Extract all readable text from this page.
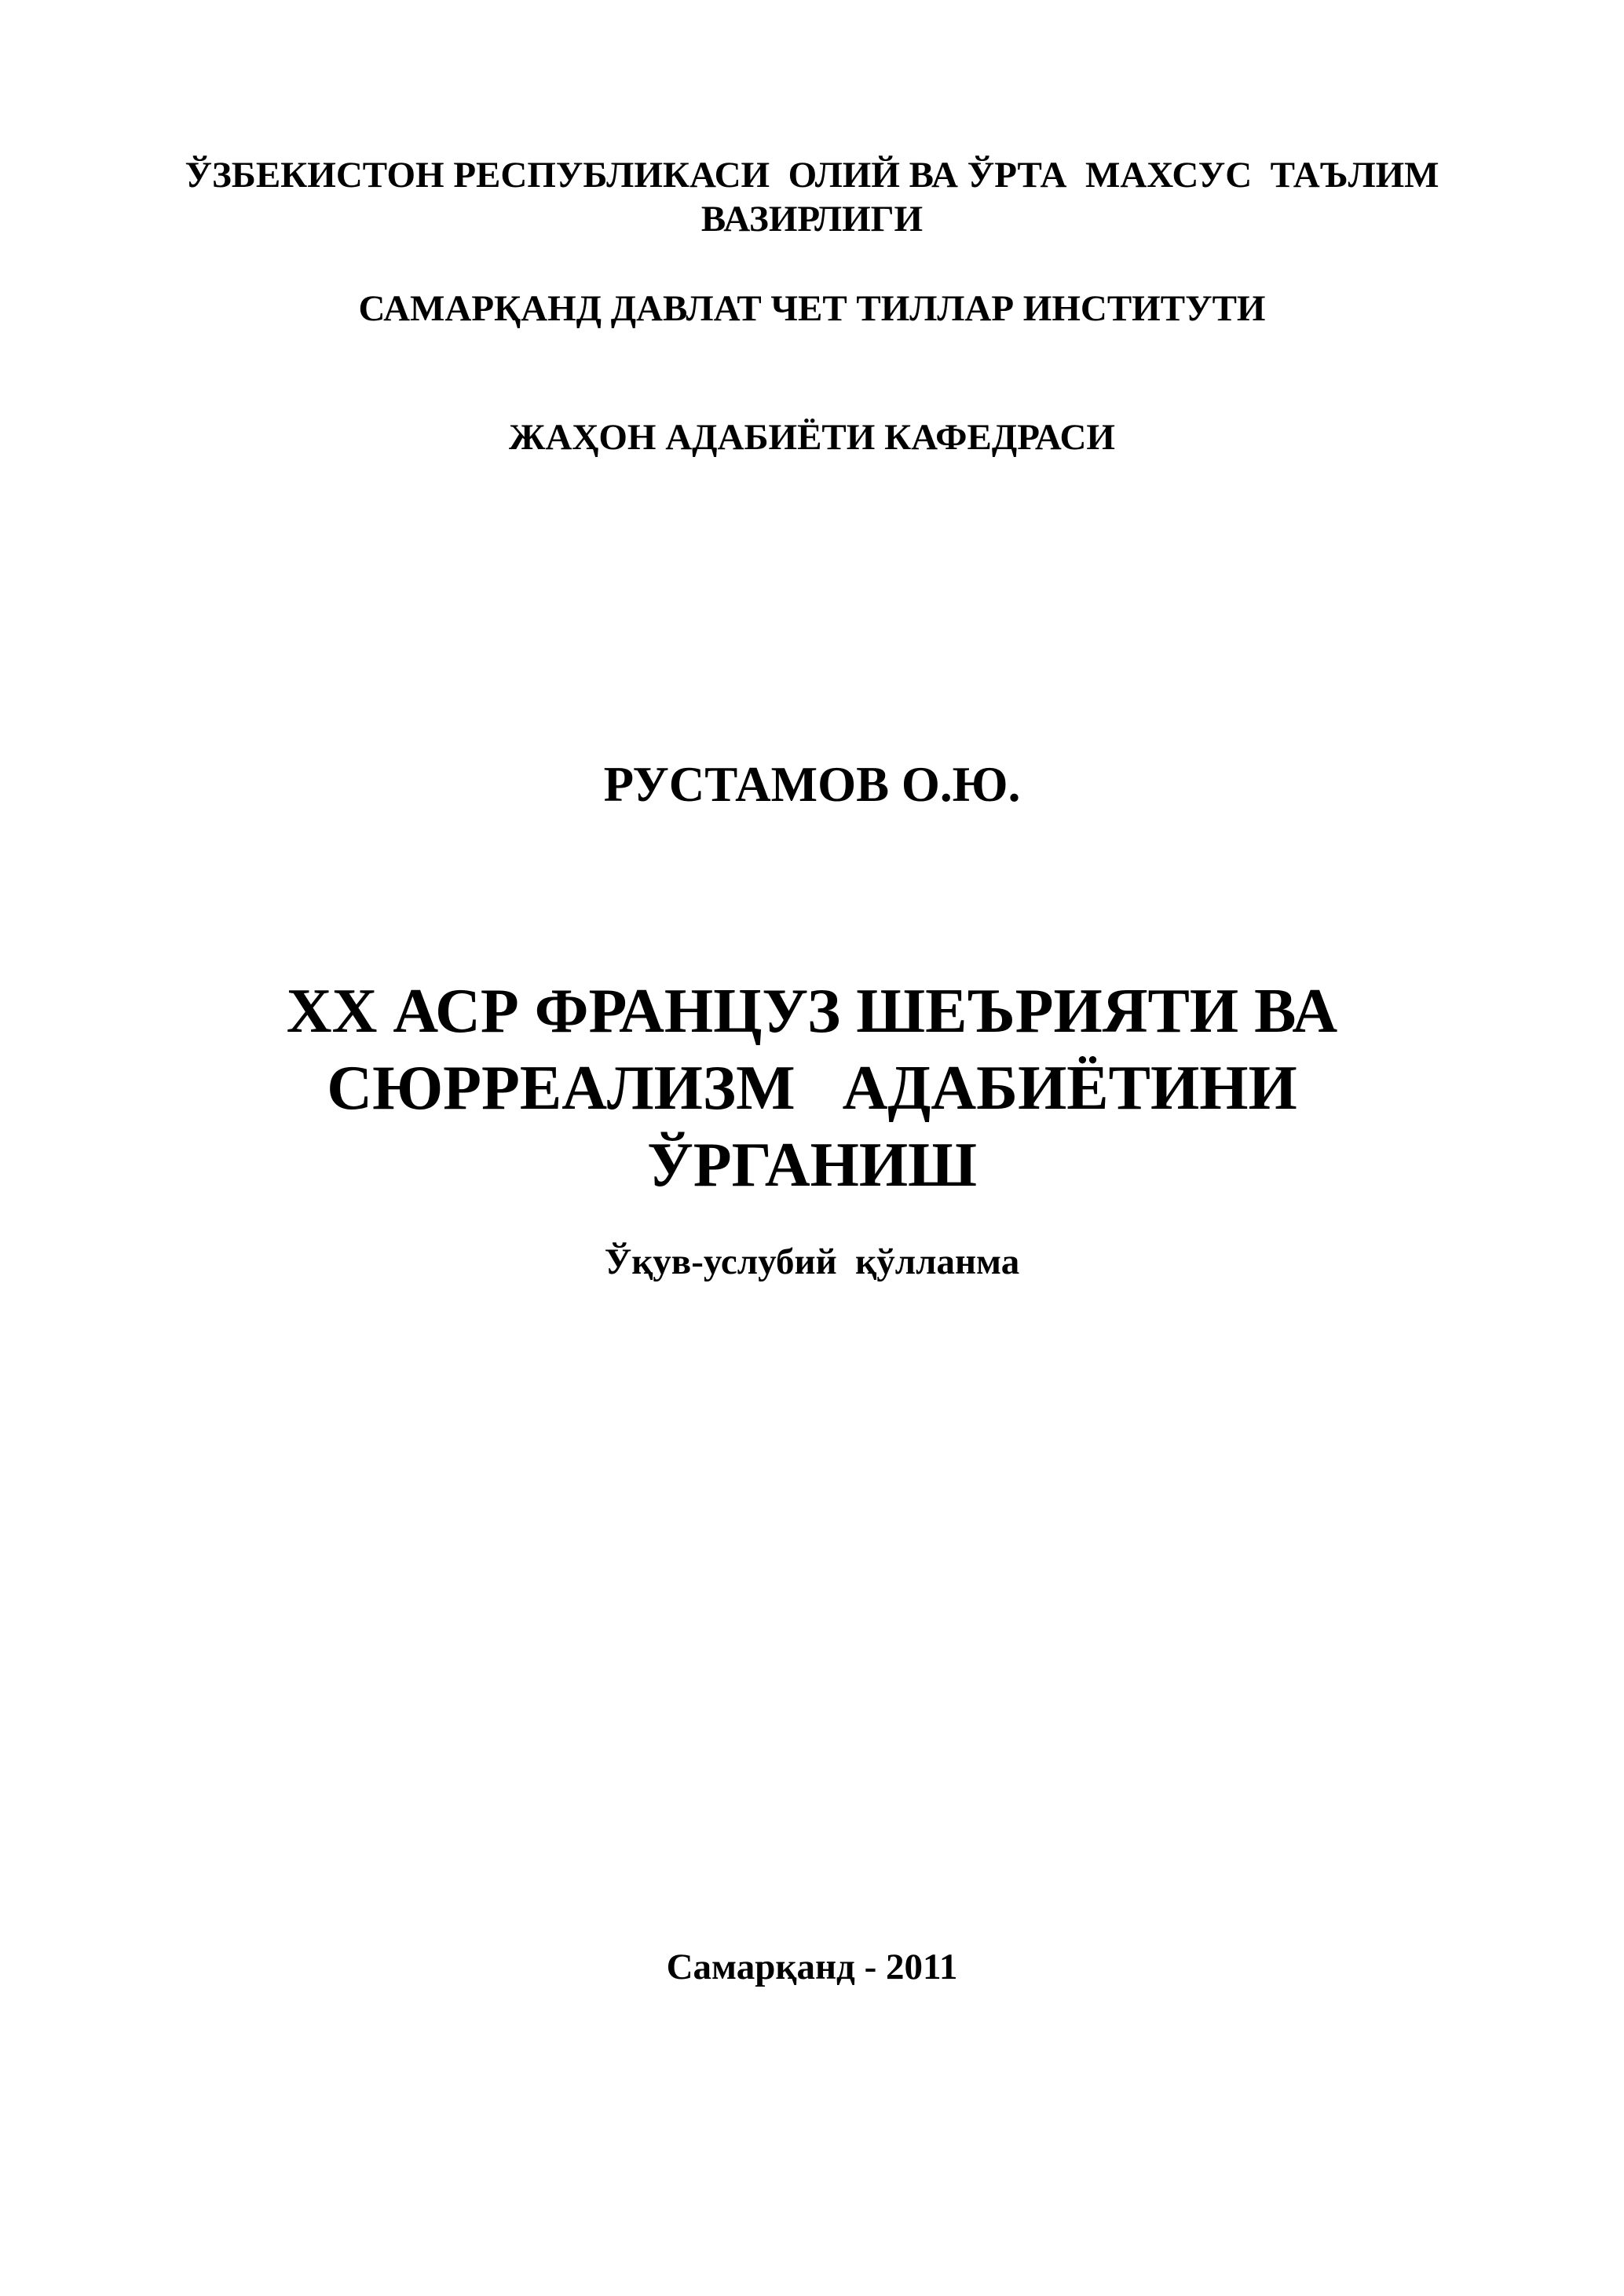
ЎЗБЕКИСТОН РЕСПУБЛИКАСИ  ОЛИЙ ВА ЎРТА  МАХСУС  ТАЪЛИМ
ВАЗИРЛИГИ
САМАРҚАНД ДАВЛАТ ЧЕТ ТИЛЛАР ИНСТИТУТИ
ЖАҲОН АДАБИЁТИ КАФЕДРАСИ
РУСТАМОВ О.Ю.
XX АСР ФРАНЦУЗ ШЕЪРИЯТИ ВА
СЮРРЕАЛИЗМ   АДАБИЁТИНИ
ЎРГАНИШ
Ўқув-услубий  қўлланма
Самарқанд - 2011
